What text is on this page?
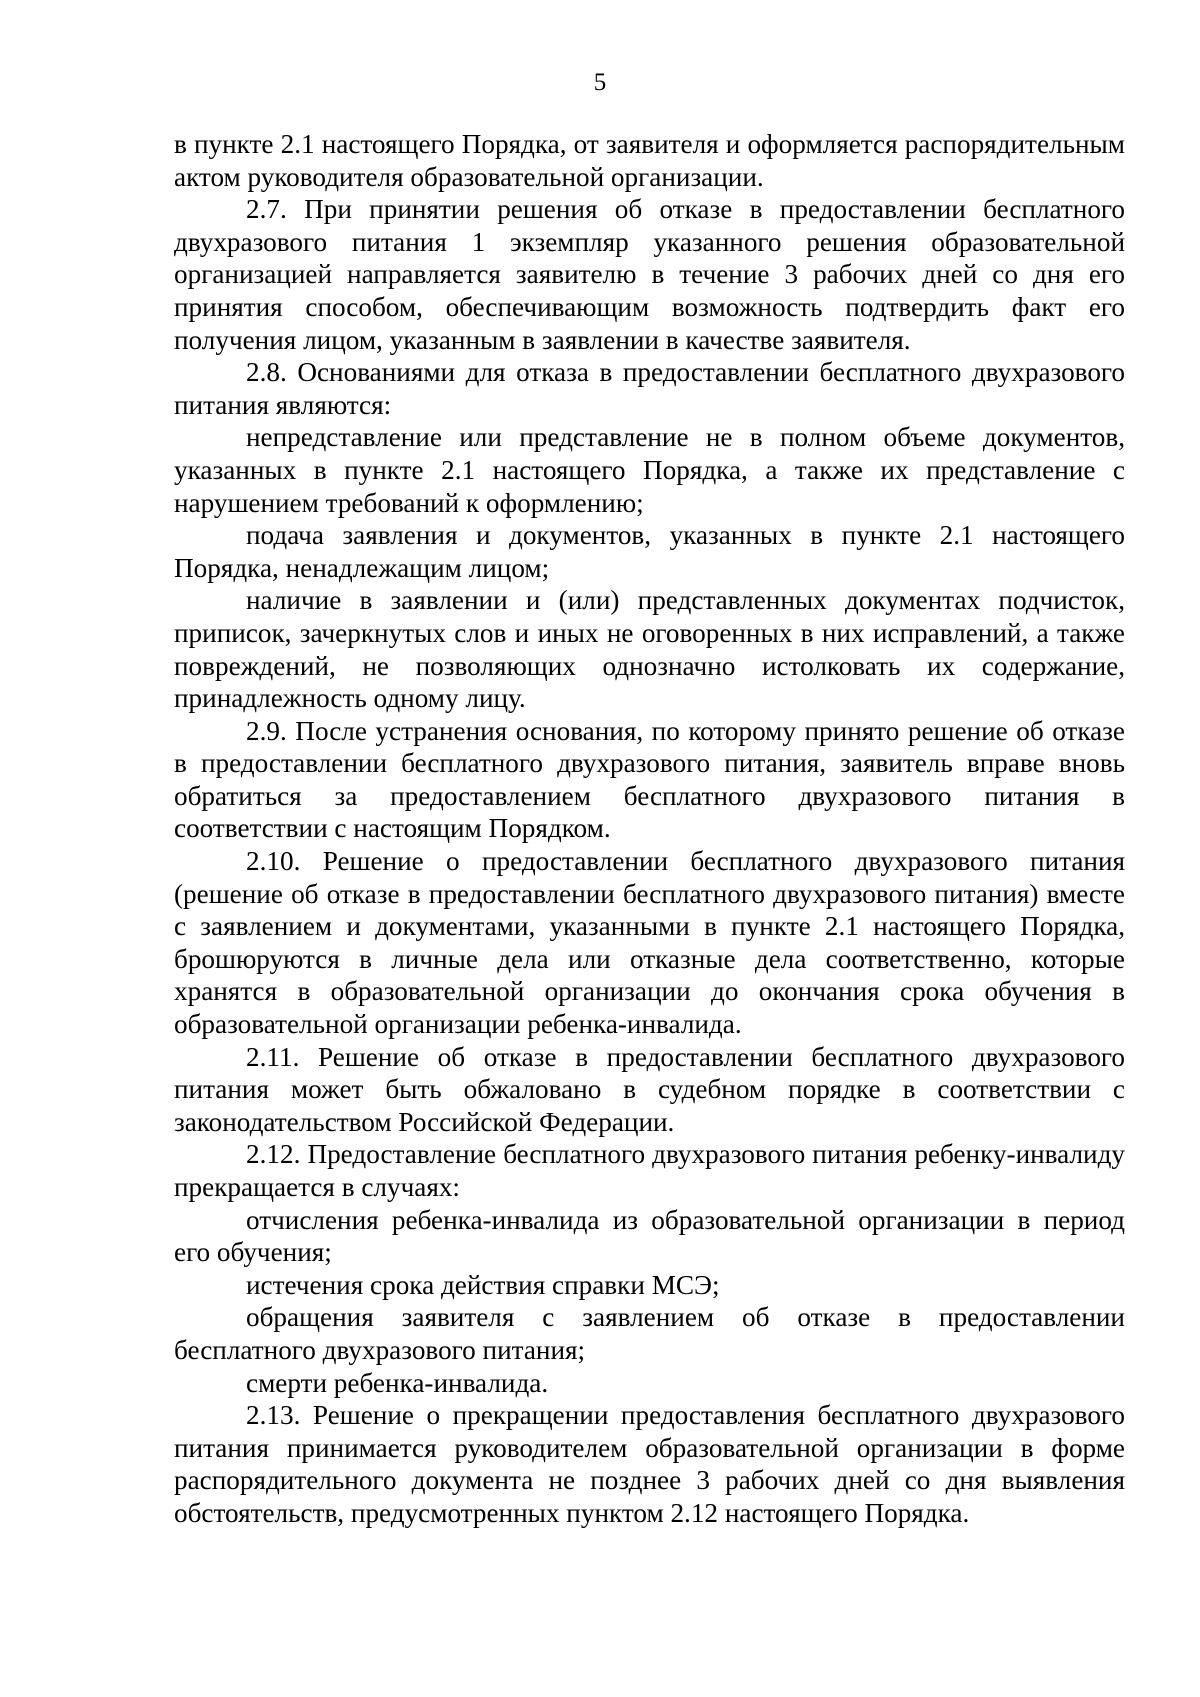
5

в пункте 2.1 настоящего Порядка, от заявителя и оформляется распорядительным актом руководителя образовательной организации.

2.7. При принятии решения об отказе в предоставлении бесплатного двухразового питания 1 экземпляр указанного решения образовательной организацией направляется заявителю в течение 3 рабочих дней со дня его принятия способом, обеспечивающим возможность подтвердить факт его получения лицом, указанным в заявлении в качестве заявителя.

2.8. Основаниями для отказа в предоставлении бесплатного двухразового питания являются:

непредставление или представление не в полном объеме документов, указанных в пункте 2.1 настоящего Порядка, а также их представление с нарушением требований к оформлению;

подача заявления и документов, указанных в пункте 2.1 настоящего Порядка, ненадлежащим лицом;

наличие в заявлении и (или) представленных документах подчисток, приписок, зачеркнутых слов и иных не оговоренных в них исправлений, а также повреждений, не позволяющих однозначно истолковать их содержание, принадлежность одному лицу.

2.9. После устранения основания, по которому принято решение об отказе в предоставлении бесплатного двухразового питания, заявитель вправе вновь обратиться за предоставлением бесплатного двухразового питания в соответствии с настоящим Порядком.

2.10. Решение о предоставлении бесплатного двухразового питания (решение об отказе в предоставлении бесплатного двухразового питания) вместе с заявлением и документами, указанными в пункте 2.1 настоящего Порядка, брошюруются в личные дела или отказные дела соответственно, которые хранятся в образовательной организации до окончания срока обучения в образовательной организации ребенка-инвалида.

2.11. Решение об отказе в предоставлении бесплатного двухразового питания может быть обжаловано в судебном порядке в соответствии с законодательством Российской Федерации.

2.12. Предоставление бесплатного двухразового питания ребенку-инвалиду прекращается в случаях:

отчисления ребенка-инвалида из образовательной организации в период его обучения;

истечения срока действия справки МСЭ;

обращения заявителя с заявлением об отказе в предоставлении бесплатного двухразового питания;

смерти ребенка-инвалида.

2.13. Решение о прекращении предоставления бесплатного двухразового питания принимается руководителем образовательной организации в форме распорядительного документа не позднее 3 рабочих дней со дня выявления обстоятельств, предусмотренных пунктом 2.12 настоящего Порядка.
